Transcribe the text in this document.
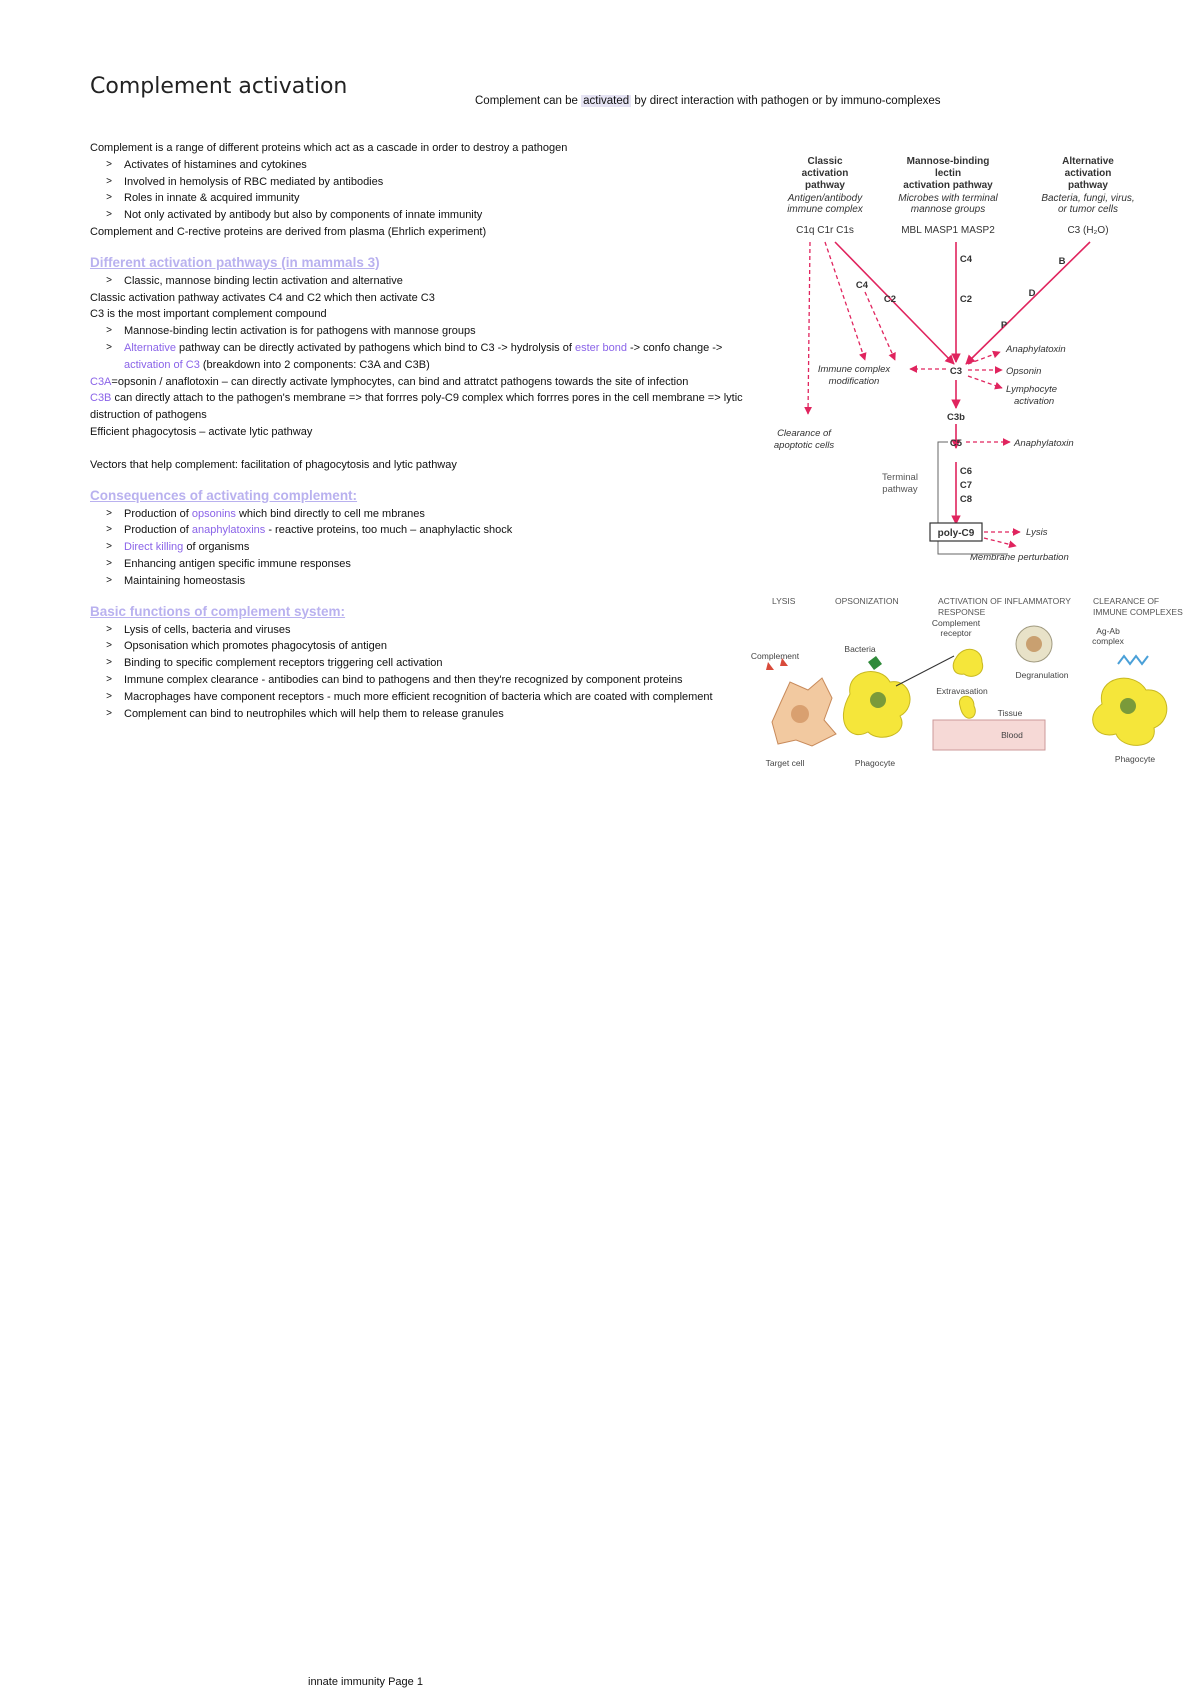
Complement activation
Complement can be activated by direct interaction with pathogen or by immuno-complexes

Complement is a range of different proteins which act as a cascade in order to destroy a pathogen

> Activates of histamines and cytokines
> Involved in hemolysis of RBC mediated by antibodies
> Roles in innate & acquired immunity
> Not only activated by antibody but also by components of innate immunity

Complement and C-rective proteins are derived from plasma (Ehrlich experiment)

Different activation pathways (in mammals 3)

> Classic, mannose binding lectin activation and alternative

Classic activation pathway activates C4 and C2 which then activate C3

C3 is the most important complement compound

> Mannose-binding lectin activation is for pathogens with mannose groups
> Alternative pathway can be directly activated by pathogens which bind to C3 -> hydrolysis of ester bond -> confo change -> activation of C3 (breakdown into 2 components: C3A and C3B)

C3A=opsonin / anaflotoxin – can directly activate lymphocytes, can bind and attratct pathogens towards the site of infection

C3B can directly attach to the pathogen's membrane => that forrres poly-C9 complex which forrres pores in the cell membrane => lytic distruction of pathogens

Efficient phagocytosis – activate lytic pathway

Vectors that help complement: facilitation of phagocytosis and lytic pathway

Consequences of activating complement:

> Production of opsonins which bind directly to cell me mbranes
> Production of anaphylatoxins - reactive proteins, too much – anaphylactic shock
> Direct killing of organisms
> Enhancing antigen specific immune responses
> Maintaining homeostasis

Basic functions of complement system:

> Lysis of cells, bacteria and viruses
> Opsonisation which promotes phagocytosis of antigen
> Binding to specific complement receptors triggering cell activation
> Immune complex clearance - antibodies can bind to pathogens and then they're recognized by component proteins
> Macrophages have component receptors - much more efficient recognition of bacteria which are coated with complement
> Complement can bind to neutrophiles which will help them to release granules
Classic
activation
pathway
Antigen/antibody
immune complex
C1q C1r C1s
Mannose-binding
lectin
activation pathway
Microbes with terminal
mannose groups
MBL MASP1 MASP2
Alternative
activation
pathway
Bacteria, fungi, virus,
or tumor cells
C3 (H₂O)
C4
C2
C4
C2
B
D
P
C3
C3b
C5
C6
C7
C8
Anaphylatoxin
Opsonin
Lymphocyte
activation
Anaphylatoxin
Lysis
Membrane perturbation
Immune complex
modification
Clearance of
apoptotic cells
Terminal
pathway
poly-C9
LYSIS	OPSONIZATION	ACTIVATION OF INFLAMMATORY
RESPONSE
CLEARANCE OF
IMMUNE COMPLEXES
Complement
Bacteria
Complement
receptor
Degranulation
Extravasation
Tissue
Blood
Ag-Ab
complex
Target cell	Phagocyte	Phagocyte
innate immunity Page 1
